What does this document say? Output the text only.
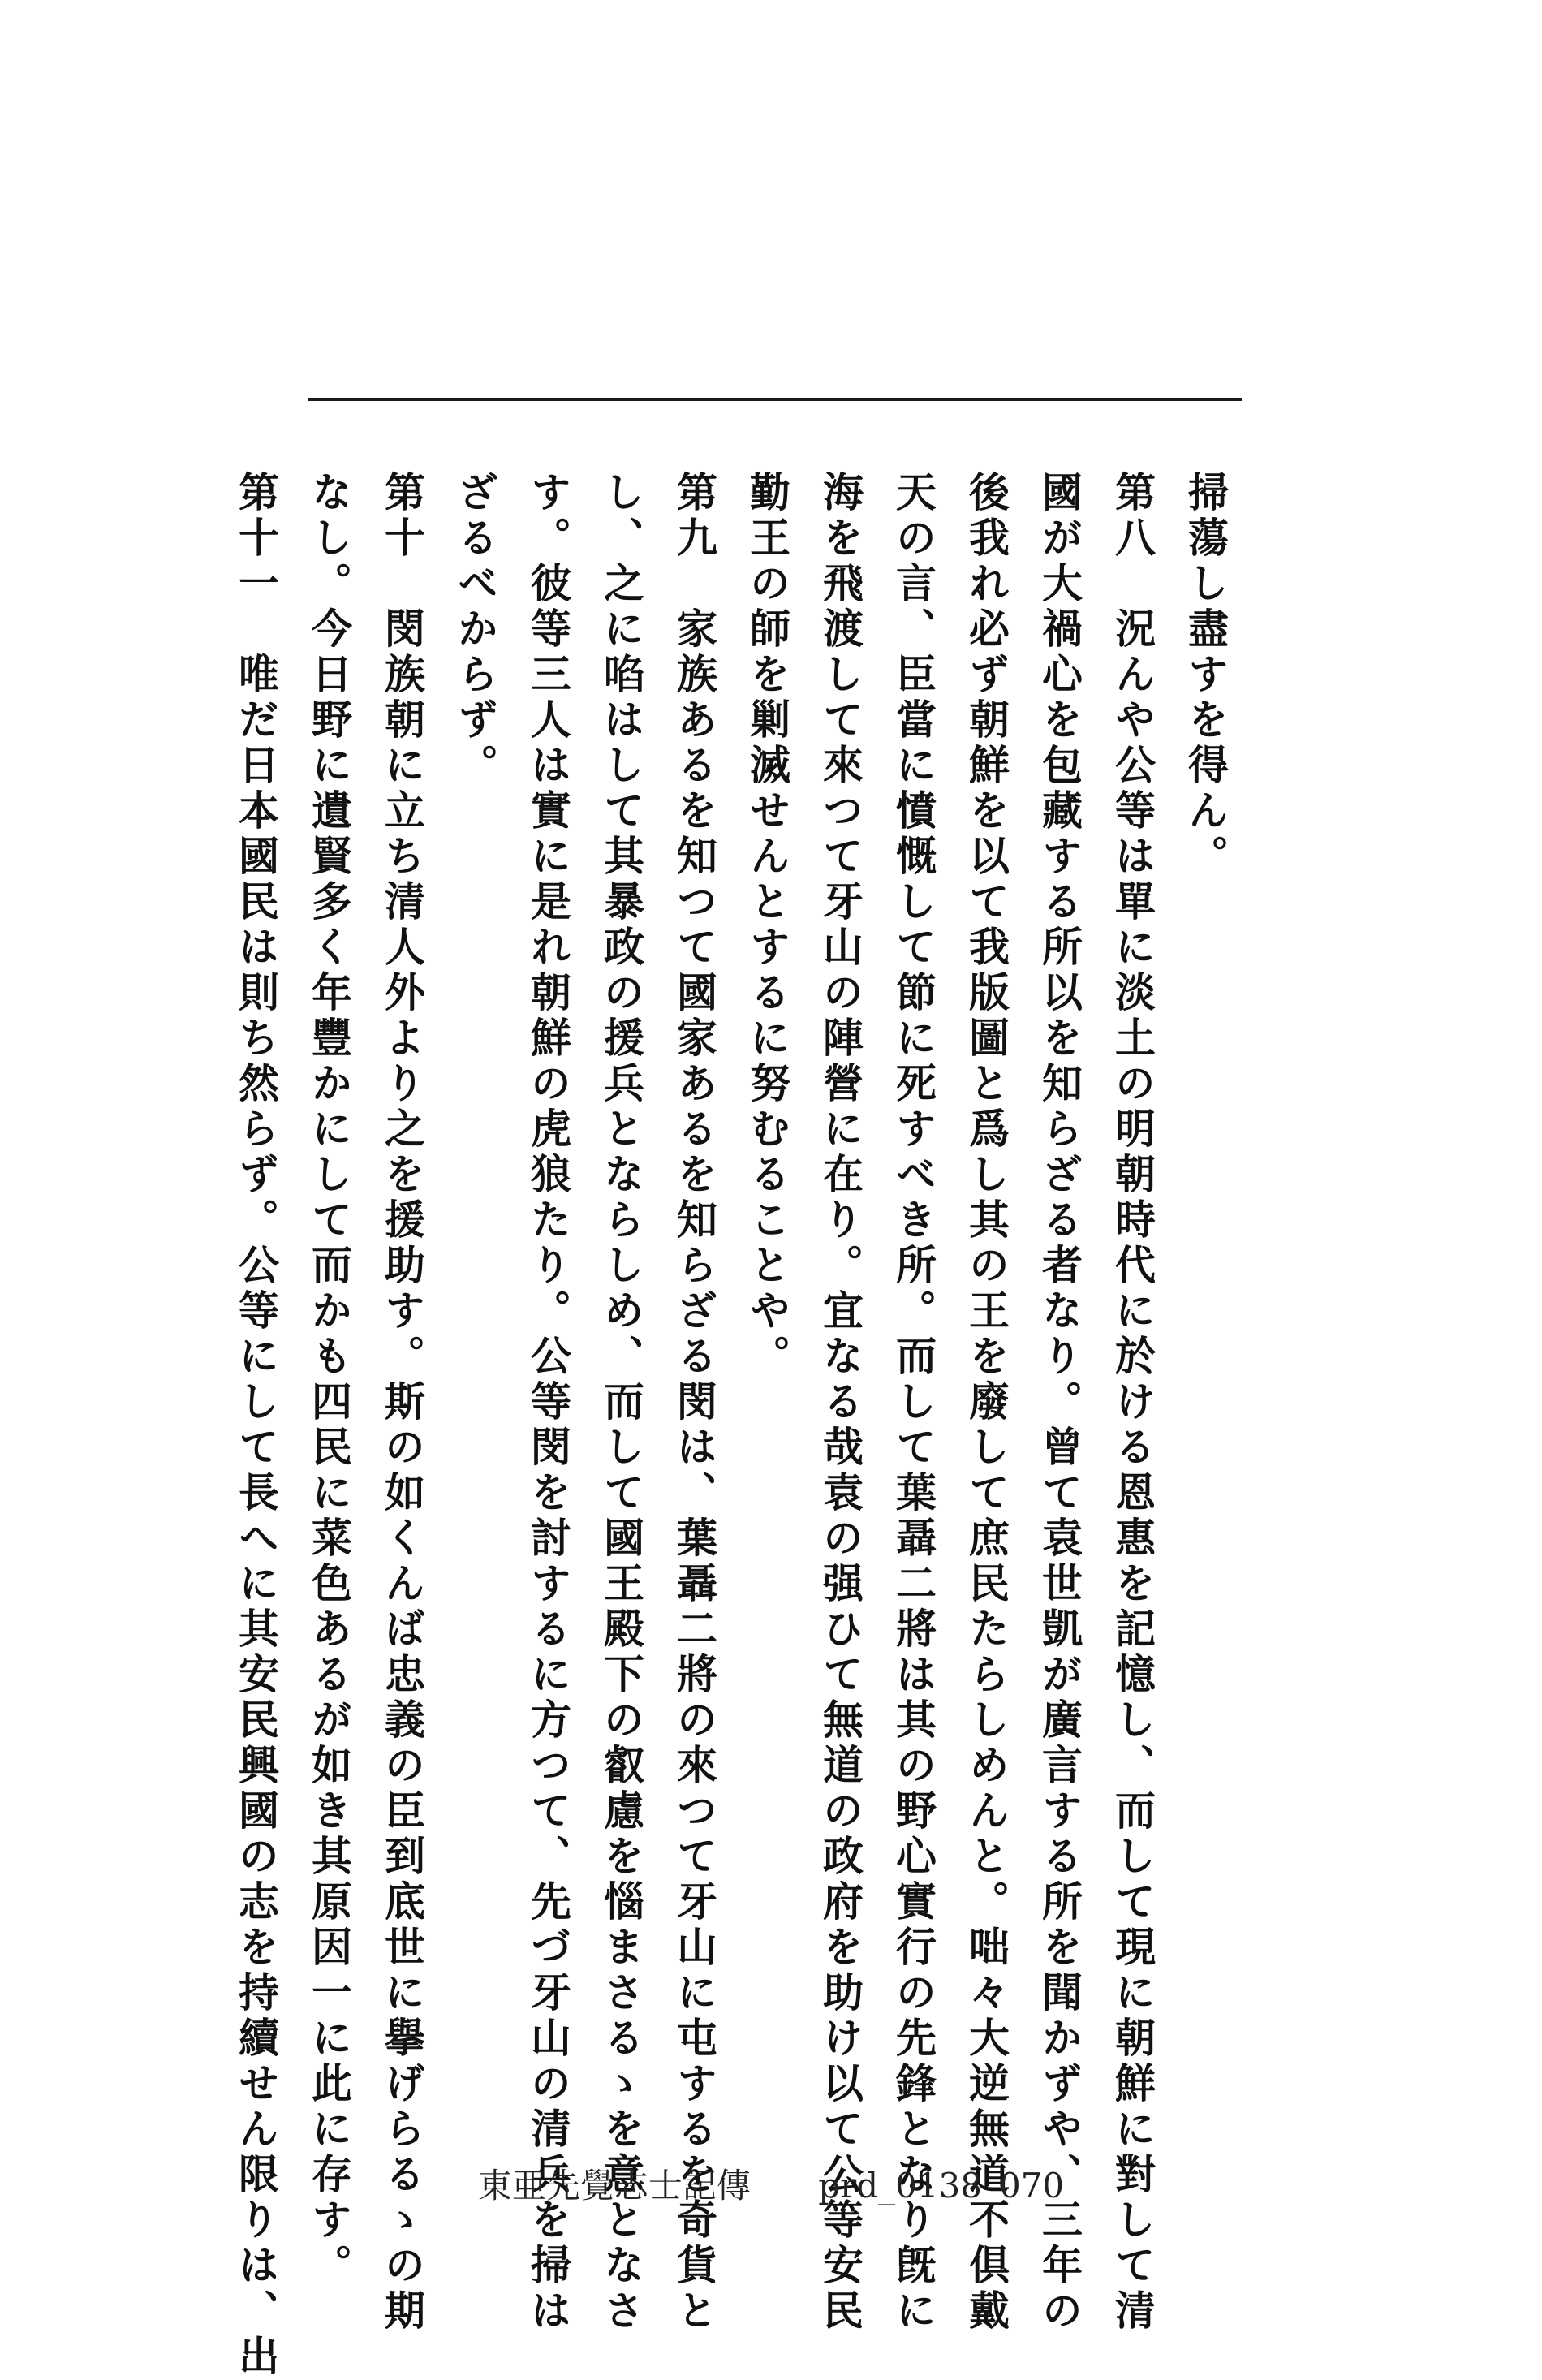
掃蕩し盡すを得ん。
第八　況んや公等は單に淡土の明朝時代に於ける恩惠を記憶し、而して現に朝鮮に對して清
國が大禍心を包藏する所以を知らざる者なり。曾て袁世凱が廣言する所を聞かずや、三年の
後我れ必ず朝鮮を以て我版圖と爲し其の王を廢して庶民たらしめんと。咄々大逆無道不倶戴
天の言、臣當に憤慨して節に死すべき所。而して葉聶二將は其の野心實行の先鋒となり旣に
海を飛渡して來つて牙山の陣營に在り。宜なる哉袁の强ひて無道の政府を助け以て公等安民
勤王の師を剿滅せんとするに努むることや。
第九　家族あるを知つて國家あるを知らざる閔は、葉聶二將の來つて牙山に屯するを奇貨と
し、之に啗はして其暴政の援兵とならしめ、而して國王殿下の叡慮を惱まさるゝを意となさ
す。彼等三人は實に是れ朝鮮の虎狼たり。公等閔を討するに方つて、先づ牙山の清兵を掃は
ざるべからず。
第十　閔族朝に立ち清人外より之を援助す。斯の如くんば忠義の臣到底世に擧げらるゝの期
なし。今日野に遺賢多く年豐かにして而かも四民に菜色あるが如き其原因一に此に存す。
第十一　唯だ日本國民は則ち然らず。公等にして長へに其安民興國の志を持續せん限りは、出	東亜先覺志士記傳 prd_0138_070
